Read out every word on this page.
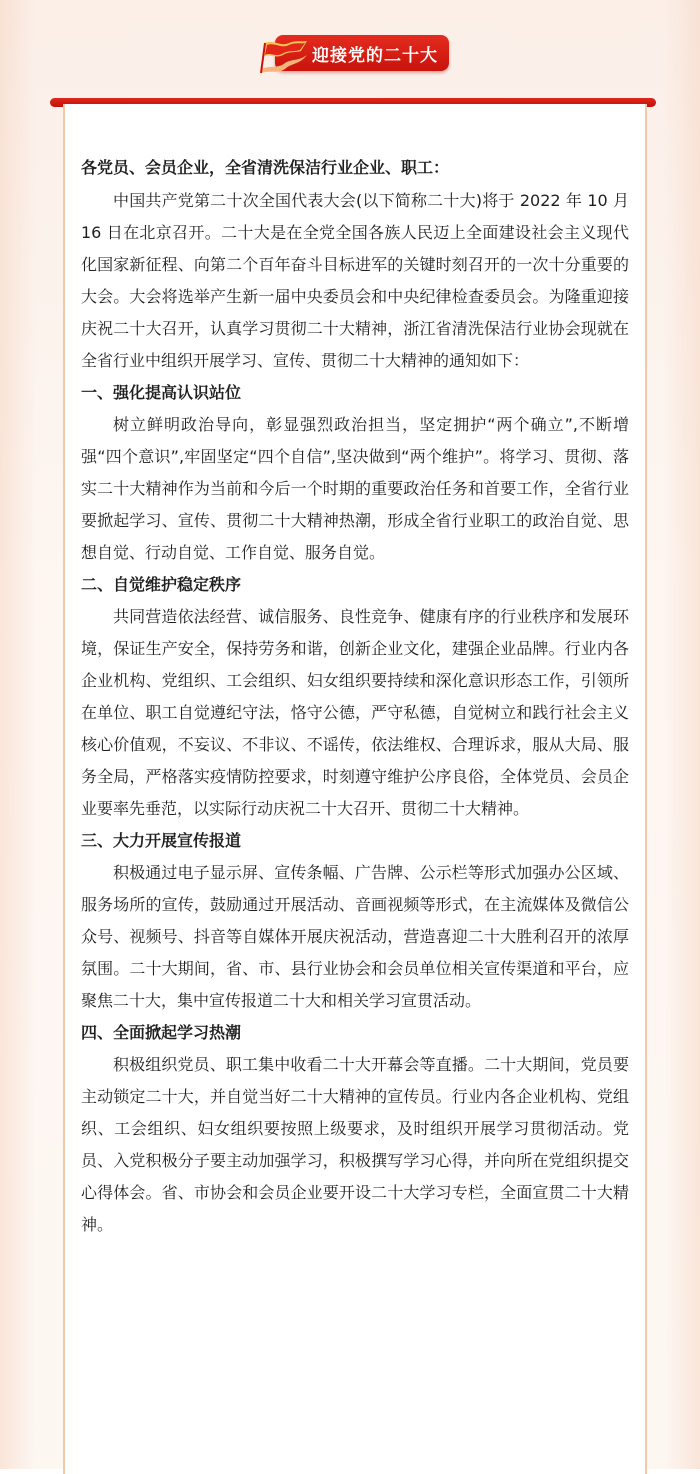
迎接党的二十大

各党员、会员企业，全省清洗保洁行业企业、职工：

中国共产党第二十次全国代表大会(以下简称二十大)将于 2022 年 10 月 16 日在北京召开。二十大是在全党全国各族人民迈上全面建设社会主义现代化国家新征程、向第二个百年奋斗目标进军的关键时刻召开的一次十分重要的大会。大会将选举产生新一届中央委员会和中央纪律检查委员会。为隆重迎接庆祝二十大召开，认真学习贯彻二十大精神，浙江省清洗保洁行业协会现就在全省行业中组织开展学习、宣传、贯彻二十大精神的通知如下：

一、强化提高认识站位

树立鲜明政治导向，彰显强烈政治担当，坚定拥护“两个确立”,不断增强“四个意识”,牢固坚定“四个自信”,坚决做到“两个维护”。将学习、贯彻、落实二十大精神作为当前和今后一个时期的重要政治任务和首要工作，全省行业要掀起学习、宣传、贯彻二十大精神热潮，形成全省行业职工的政治自觉、思想自觉、行动自觉、工作自觉、服务自觉。

二、自觉维护稳定秩序

共同营造依法经营、诚信服务、良性竞争、健康有序的行业秩序和发展环境，保证生产安全，保持劳务和谐，创新企业文化，建强企业品牌。行业内各企业机构、党组织、工会组织、妇女组织要持续和深化意识形态工作，引领所在单位、职工自觉遵纪守法，恪守公德，严守私德，自觉树立和践行社会主义核心价值观，不妄议、不非议、不谣传，依法维权、合理诉求，服从大局、服务全局，严格落实疫情防控要求，时刻遵守维护公序良俗，全体党员、会员企业要率先垂范，以实际行动庆祝二十大召开、贯彻二十大精神。

三、大力开展宣传报道

积极通过电子显示屏、宣传条幅、广告牌、公示栏等形式加强办公区域、服务场所的宣传，鼓励通过开展活动、音画视频等形式，在主流媒体及微信公众号、视频号、抖音等自媒体开展庆祝活动，营造喜迎二十大胜利召开的浓厚氛围。二十大期间，省、市、县行业协会和会员单位相关宣传渠道和平台，应聚焦二十大，集中宣传报道二十大和相关学习宣贯活动。

四、全面掀起学习热潮

积极组织党员、职工集中收看二十大开幕会等直播。二十大期间，党员要主动锁定二十大，并自觉当好二十大精神的宣传员。行业内各企业机构、党组织、工会组织、妇女组织要按照上级要求，及时组织开展学习贯彻活动。党员、入党积极分子要主动加强学习，积极撰写学习心得，并向所在党组织提交心得体会。省、市协会和会员企业要开设二十大学习专栏，全面宣贯二十大精神。
